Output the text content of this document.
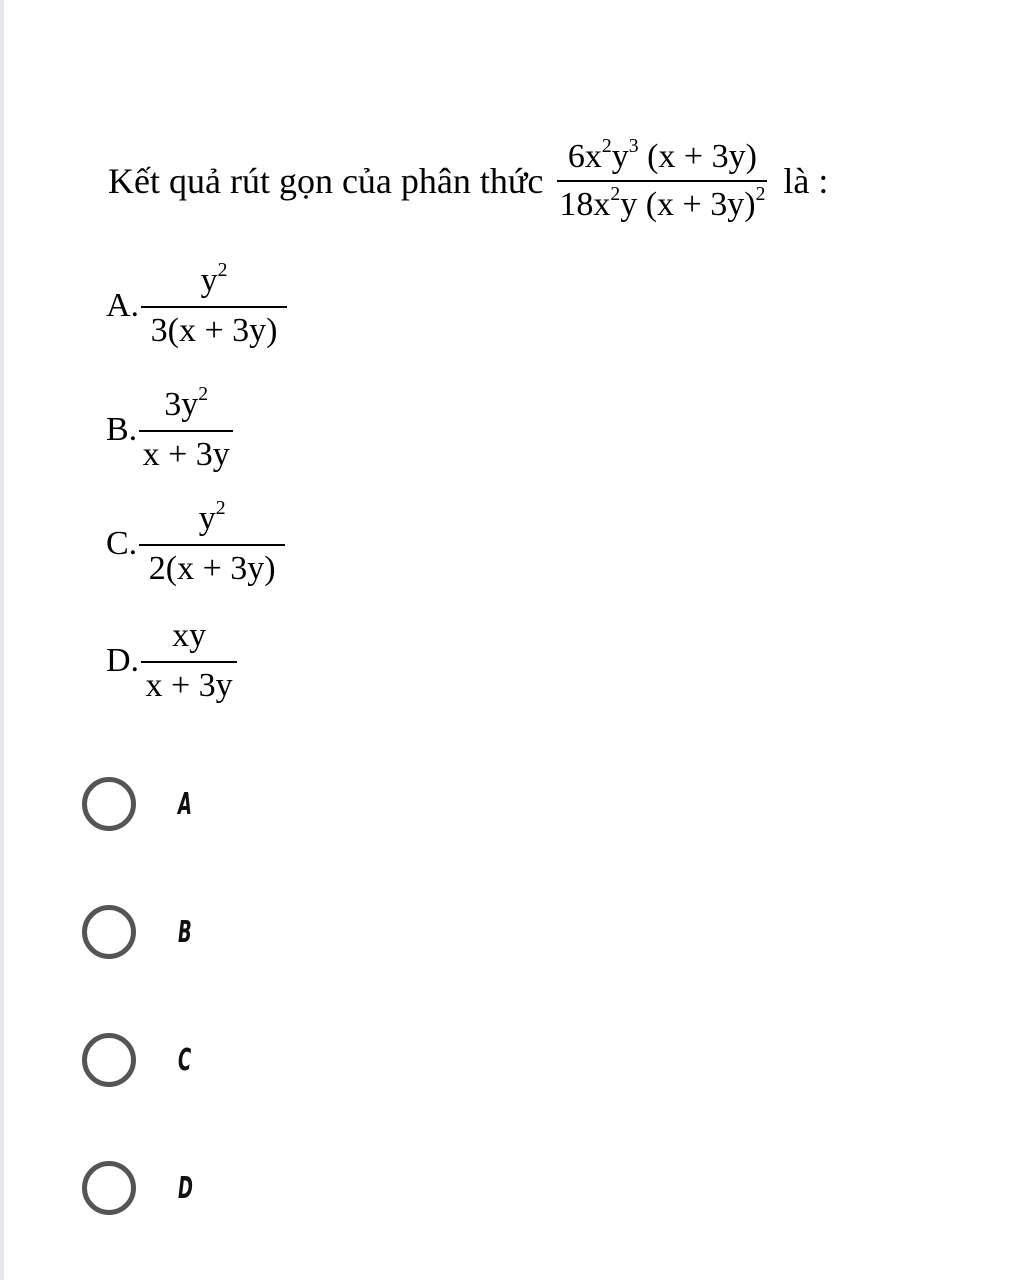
Kết quả rút gọn của phân thức $\frac{6x^2y^3 (x + 3y)}{18x^2y (x + 3y)^2}$ là :
A. $\frac{y^2}{3(x + 3y)}$
B. $\frac{3y^2}{x + 3y}$
C. $\frac{y^2}{2(x + 3y)}$
D. $\frac{xy}{x + 3y}$
A
B
C
D
